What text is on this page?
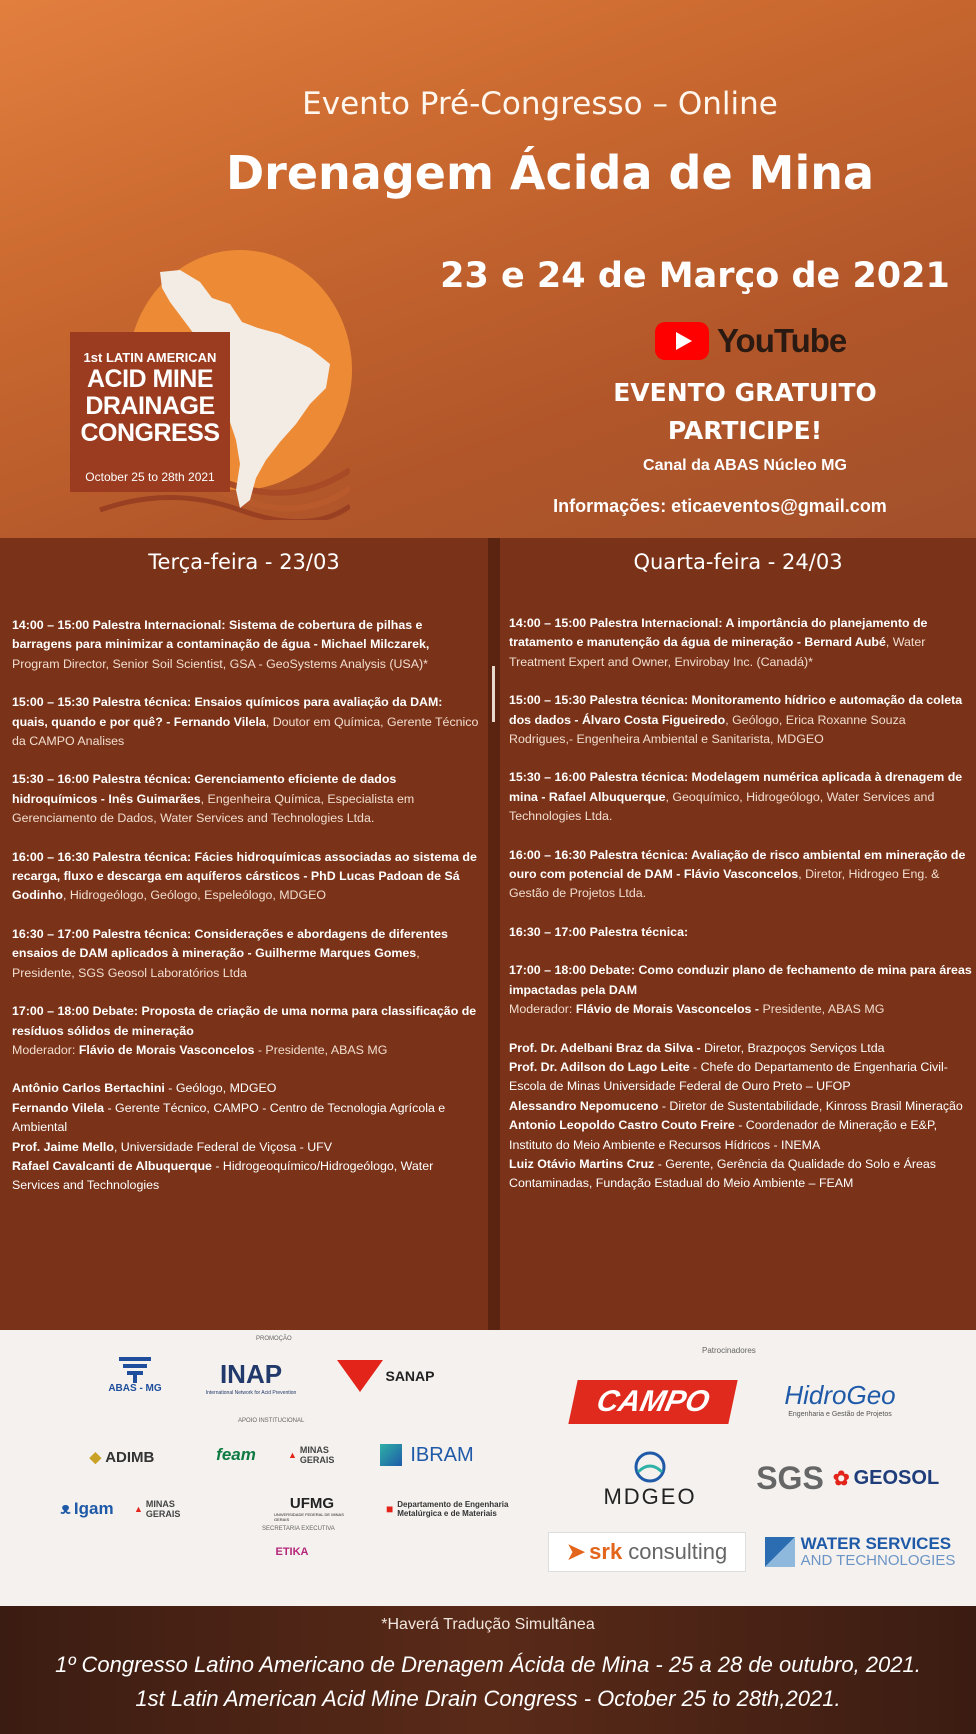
1st LATIN AMERICAN
ACID MINE
DRAINAGE
CONGRESS
October 25 to 28th 2021
Evento Pré-Congresso – Online
Drenagem Ácida de Mina
23 e 24 de Março de 2021
YouTube
EVENTO GRATUITO
PARTICIPE!
Canal da ABAS Núcleo MG
Informações: eticaeventos@gmail.com
Terça-feira - 23/03
14:00 – 15:00 Palestra Internacional: Sistema de cobertura de pilhas e barragens para minimizar a contaminação de água - Michael Milczarek, Program Director, Senior Soil Scientist, GSA - GeoSystems Analysis (USA)*
15:00 – 15:30 Palestra técnica: Ensaios químicos para avaliação da DAM: quais, quando e por quê? - Fernando Vilela, Doutor em Química, Gerente Técnico da CAMPO Analises
15:30 – 16:00 Palestra técnica: Gerenciamento eficiente de dados hidroquímicos - Inês Guimarães, Engenheira Química, Especialista em Gerenciamento de Dados, Water Services and Technologies Ltda.
16:00 – 16:30 Palestra técnica: Fácies hidroquímicas associadas ao sistema de recarga, fluxo e descarga em aquíferos cársticos - PhD Lucas Padoan de Sá Godinho, Hidrogeólogo, Geólogo, Espeleólogo, MDGEO
16:30 – 17:00 Palestra técnica: Considerações e abordagens de diferentes ensaios de DAM aplicados à mineração - Guilherme Marques Gomes, Presidente, SGS Geosol Laboratórios Ltda
17:00 – 18:00 Debate: Proposta de criação de uma norma para classificação de resíduos sólidos de mineração
Moderador: Flávio de Morais Vasconcelos - Presidente, ABAS MG
Antônio Carlos Bertachini - Geólogo, MDGEO
Fernando Vilela - Gerente Técnico, CAMPO - Centro de Tecnologia Agrícola e Ambiental
Prof. Jaime Mello, Universidade Federal de Viçosa - UFV
Rafael Cavalcanti de Albuquerque - Hidrogeoquímico/Hidrogeólogo, Water Services and Technologies
Quarta-feira - 24/03
14:00 – 15:00 Palestra Internacional: A importância do planejamento de tratamento e manutenção da água de mineração - Bernard Aubé, Water Treatment Expert and Owner, Envirobay Inc. (Canadá)*
15:00 – 15:30 Palestra técnica: Monitoramento hídrico e automação da coleta dos dados - Álvaro Costa Figueiredo, Geólogo, Erica Roxanne Souza Rodrigues,- Engenheira Ambiental e Sanitarista, MDGEO
15:30 – 16:00 Palestra técnica: Modelagem numérica aplicada à drenagem de mina - Rafael Albuquerque, Geoquímico, Hidrogeólogo, Water Services and Technologies Ltda.
16:00 – 16:30 Palestra técnica: Avaliação de risco ambiental em mineração de ouro com potencial de DAM - Flávio Vasconcelos, Diretor, Hidrogeo Eng. & Gestão de Projetos Ltda.
16:30 – 17:00 Palestra técnica:
17:00 – 18:00 Debate: Como conduzir plano de fechamento de mina para áreas impactadas pela DAM
Moderador: Flávio de Morais Vasconcelos - Presidente, ABAS MG
Prof. Dr. Adelbani Braz da Silva - Diretor, Brazpoços Serviços Ltda
Prof. Dr. Adilson do Lago Leite - Chefe do Departamento de Engenharia Civil- Escola de Minas Universidade Federal de Ouro Preto – UFOP
Alessandro Nepomuceno - Diretor de Sustentabilidade, Kinross Brasil Mineração
Antonio Leopoldo Castro Couto Freire - Coordenador de Mineração e E&P, Instituto do Meio Ambiente e Recursos Hídricos - INEMA
Luiz Otávio Martins Cruz - Gerente, Gerência da Qualidade do Solo e Áreas Contaminadas, Fundação Estadual do Meio Ambiente – FEAM
PROMOÇÃO
APOIO INSTITUCIONAL
SECRETARIA EXECUTIVA
Patrocinadores
ABAS - MG INAP
International Network for Acid Prevention
SANAP
◆ ADIMB	feam	▲ MINAS GERAIS	IBRAM
ᴥ Igam ▲ MINAS GERAIS
UFMG
UNIVERSIDADE FEDERAL DE MINAS GERAIS
■ Departamento de Engenharia Metalúrgica e de Materiais
ETIKA
CAMPO	HidroGeo
Engenharia e Gestão de Projetos
MDGEO
SGS ✿ GEOSOL
➤ srk consulting	WATER SERVICES
AND TECHNOLOGIES
*Haverá Tradução Simultânea
1º Congresso Latino Americano de Drenagem Ácida de Mina - 25 a 28 de outubro, 2021.
1st Latin American Acid Mine Drain Congress - October 25 to 28th,2021.
